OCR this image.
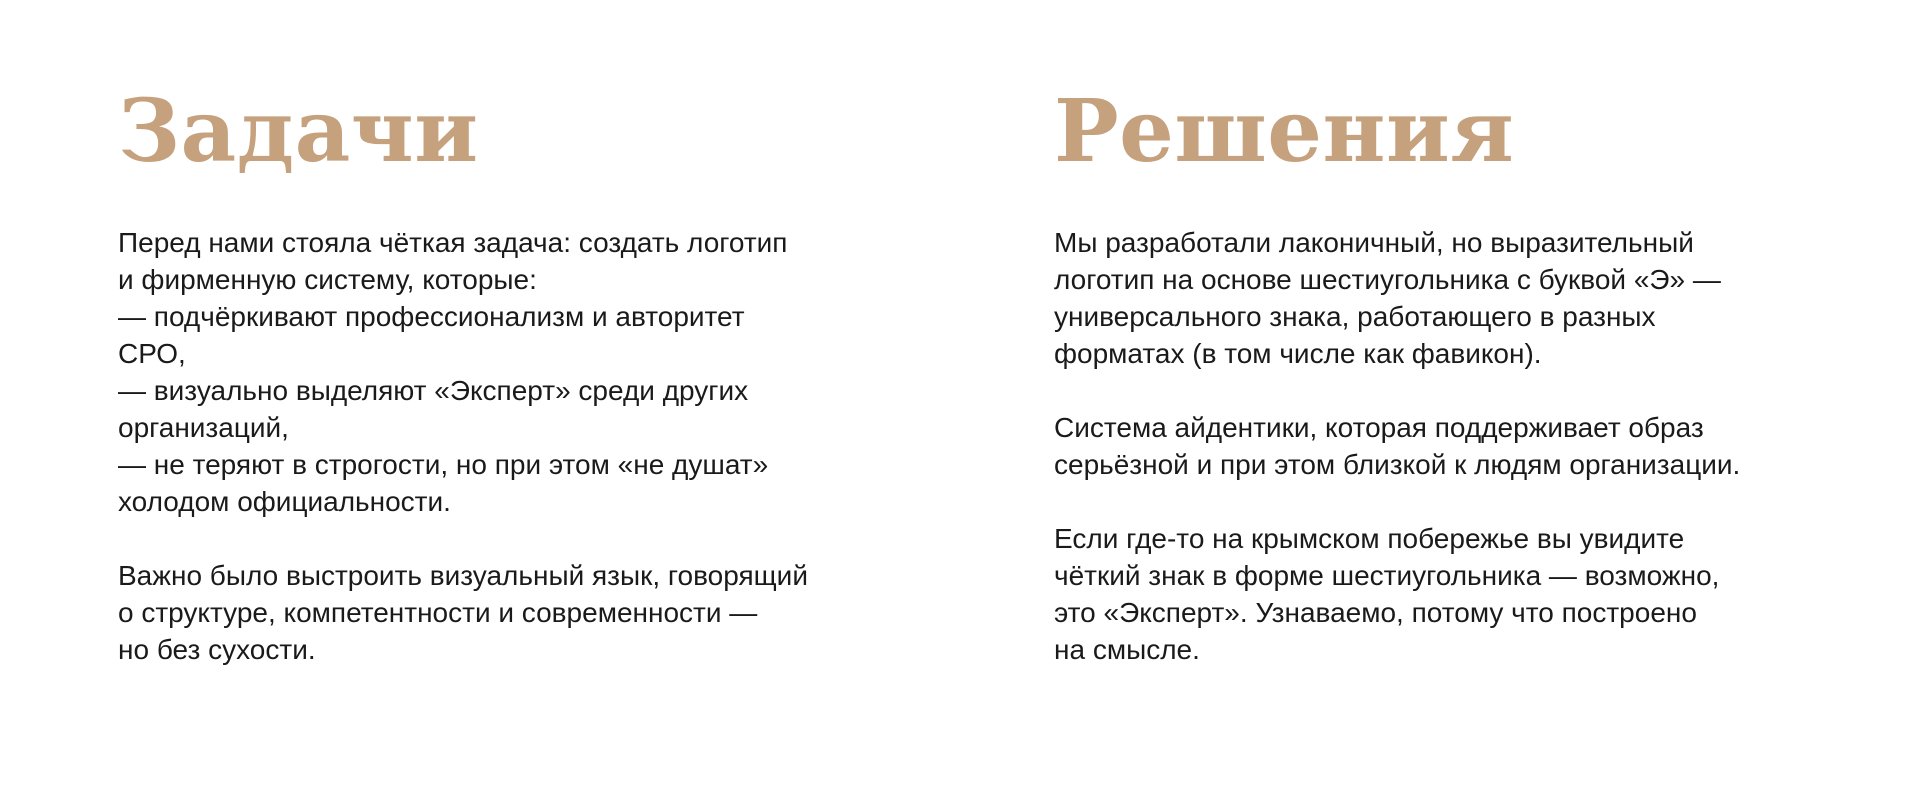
Задачи
Перед нами стояла чёткая задача: создать логотип
и фирменную систему, которые:
— подчёркивают профессионализм и авторитет
СРО,
— визуально выделяют «Эксперт» среди других
организаций,
— не теряют в строгости, но при этом «не душат»
холодом официальности.
Важно было выстроить визуальный язык, говорящий
о структуре, компетентности и современности —
но без сухости.
Решения
Мы разработали лаконичный, но выразительный
логотип на основе шестиугольника с буквой «Э» —
универсального знака, работающего в разных
форматах (в том числе как фавикон).
Система айдентики, которая поддерживает образ
серьёзной и при этом близкой к людям организации.
Если где-то на крымском побережье вы увидите
чёткий знак в форме шестиугольника — возможно,
это «Эксперт». Узнаваемо, потому что построено
на смысле.
